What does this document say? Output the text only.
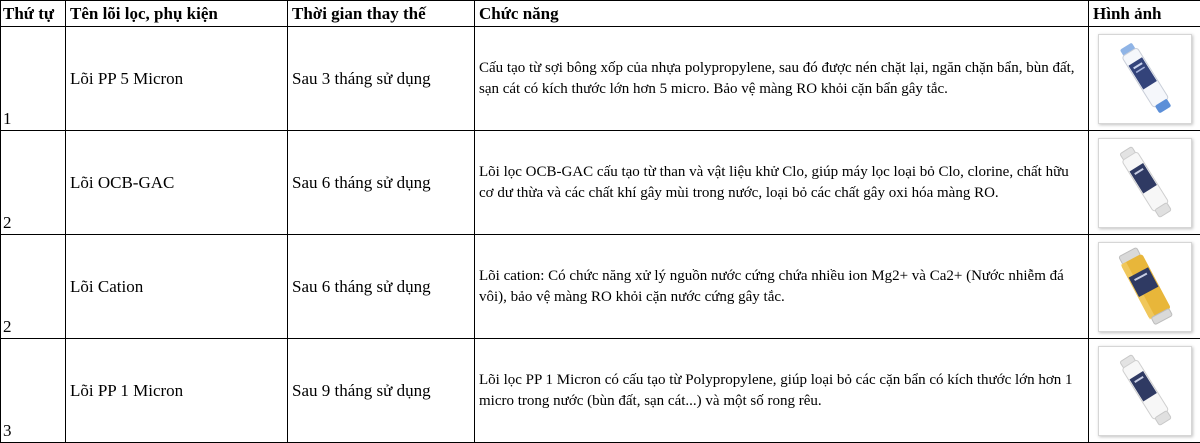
Thứ tự	Tên lõi lọc, phụ kiện	Thời gian thay thế	Chức năng	Hình ảnh
1	Lõi PP 5 Micron	Sau 3 tháng sử dụng	Cấu tạo từ sợi bông xốp của nhựa polypropylene, sau đó được nén chặt lại, ngăn chặn bẩn, bùn đất, sạn cát có kích thước lớn hơn 5 micro. Bảo vệ màng RO khỏi cặn bẩn gây tắc.	

2	Lõi OCB-GAC	Sau 6 tháng sử dụng	Lõi lọc OCB-GAC cấu tạo từ than và vật liệu khử Clo, giúp máy lọc loại bỏ Clo, clorine, chất hữu cơ dư thừa và các chất khí gây mùi trong nước, loại bỏ các chất gây oxi hóa màng RO.	

2	Lõi Cation	Sau 6 tháng sử dụng	Lõi cation: Có chức năng xử lý nguồn nước cứng chứa nhiều ion Mg2+ và Ca2+ (Nước nhiễm đá vôi), bảo vệ màng RO khỏi cặn nước cứng gây tắc.	

3	Lõi PP 1 Micron	Sau 9 tháng sử dụng	Lõi lọc PP 1 Micron có cấu tạo từ Polypropylene, giúp loại bỏ các cặn bẩn có kích thước lớn hơn 1 micro trong nước (bùn đất, sạn cát...) và một số rong rêu.	
